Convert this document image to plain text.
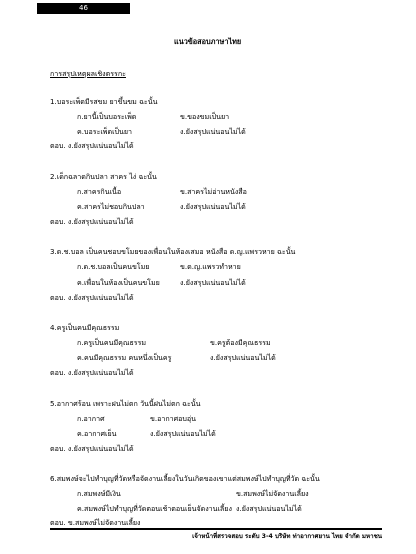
46
แนวข้อสอบภาษาไทย
การสรุปเหตุผลเชิงตรรกะ
1.บอระเพ็ดมีรสขม ยาขึ้นขม ฉะนั้น
ก.ยานี้เป็นบอระเพ็ด	ข.ของขมเป็นยา
ค.บอระเพ็ดเป็นยา	ง.ยังสรุปแน่นอนไม่ได้
ตอบ. ง.ยังสรุปแน่นอนไม่ได้
2.เด็กฉลาดกินปลา สาคร ไง่ ฉะนั้น
ก.สาครกินเนื้อ	ข.สาครไม่อ่านหนังสือ
ค.สาครไม่ชอบกินปลา	ง.ยังสรุปแน่นอนไม่ได้
ตอบ. ง.ยังสรุปแน่นอนไม่ได้
3.ด.ช.บอล เป็นคนชอบขโมยของเพื่อนในห้องเสมอ หนังสือ ด.ญ.แพรวหาย ฉะนั้น
ก.ด.ช.บอลเป็นคนขโมย	ข.ด.ญ.แพรวทำหาย
ค.เพื่อนในห้องเป็นคนขโมย	ง.ยังสรุปแน่นอนไม่ได้
ตอบ. ง.ยังสรุปแน่นอนไม่ได้
4.ครูเป็นคนมีคุณธรรม
ก.ครูเป็นคนมีคุณธรรม	ข.ครูต้องมีคุณธรรม
ค.คนมีคุณธรรม คนหนึ่งเป็นครู	ง.ยังสรุปแน่นอนไม่ได้
ตอบ. ง.ยังสรุปแน่นอนไม่ได้
5.อากาศร้อน เพราะฝนไม่ตก วันนี้ฝนไม่ตก ฉะนั้น
ก.อากาศ	ข.อากาศอบอุ่น
ค.อากาศเย็น	ง.ยังสรุปแน่นอนไม่ได้
ตอบ. ง.ยังสรุปแน่นอนไม่ได้
6.สมพงษ์จะไปทำบุญที่วัดหรือจัดงานเลี้ยงในวันเกิดของเขาแต่สมพงษ์ไปทำบุญที่วัด ฉะนั้น
ก.สมพงษ์มีเงิน	ข.สมพงษ์ไม่จัดงานเลี้ยง
ค.สมพงษ์ไปทำบุญที่วัดตอนเช้าตอนเย็นจัดงานเลี้ยง ง.ยังสรุปแน่นอนไม่ได้
ตอบ. ข.สมพงษ์ไม่จัดงานเลี้ยง
เจ้าหน้าที่สรวจสอบ ระดับ 3-4 บริษัท ท่าอากาศยาน ไทย จำกัด มหาชน
